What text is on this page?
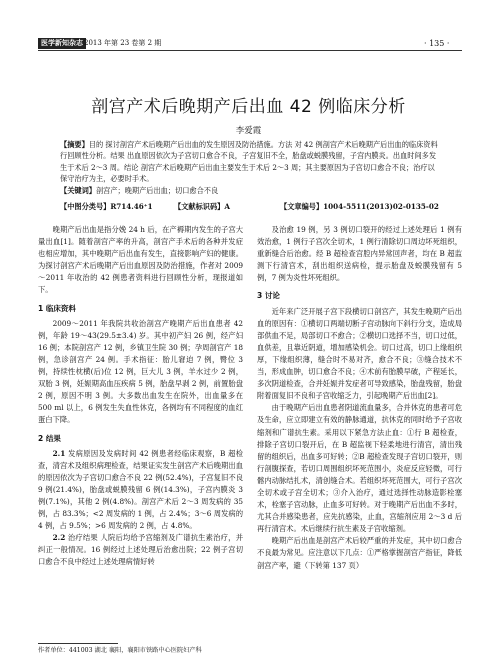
医学新知杂志 2013 年第 23 卷第 2 期	· 135 ·
剖宫产术后晚期产后出血 42 例临床分析
李爱霞

【摘要】目的 探讨剖宫产术后晚期产后出血的发生原因及防治措施。方法 对 42 例剖宫产术后晚期产后出血的临床资料行回顾性分析。结果 出血原因依次为子宫切口愈合不良，子宫复旧不全，胎盘或蜕膜残留，子宫内膜炎。出血时间多发生于术后 2～3 周。结论 剖宫产术后晚期产后出血主要发生于术后 2～3 周；其主要原因为子宫切口愈合不良；治疗以保守治疗为主，必要时手术。

【关键词】剖宫产；晚期产后出血；切口愈合不良

【中图分类号】R714.46⁺1	【文献标识码】A	【文章编号】1004-5511(2013)02-0135-02

晚期产后出血是指分娩 24 h 后，在产褥期内发生的子宫大量出血[1]。随着剖宫产率的升高，剖宫产手术后的各种并发症也相应增加，其中晚期产后出血有发生，直接影响产妇的健康。为探讨剖宫产术后晚期产后出血原因及防治措施，作者对 2009～2011 年收治的 42 例患者资料进行回顾性分析，现报道如下。

1 临床资料

2009～2011 年我院共收治剖宫产晚期产后出血患者 42 例，年龄 19～43(29.5±3.4) 岁。其中初产妇 26 例，经产妇 16 例；本院剖宫产 12 例，乡镇卫生院 30 例；孕周剖宫产 18 例，急诊剖宫产 24 例。手术指征：胎儿窘迫 7 例，臀位 3 例，持续性枕横(后)位 12 例，巨大儿 3 例，羊水过少 2 例，双胎 3 例，妊娠期高血压疾病 5 例，胎盘早剥 2 例，前置胎盘 2 例，原因不明 3 例。大多数出血发生在院外，出血量多在 500 ml 以上，6 例发生失血性休克，各例均有不同程度的血红蛋白下降。

2 结果

2.1 发病原因及发病时间 42 例患者经临床观察，B 超检查，清宫术及组织病理检查，结果证实发生剖宫产术后晚期出血的原因依次为子宫切口愈合不良 22 例(52.4%)，子宫复旧不良 9 例(21.4%)，胎盘或蜕膜残留 6 例(14.3%)，子宫内膜炎 3 例(7.1%)，其他 2 例(4.8%)。剖宫产术后 2～3 周发病的 35 例，占 83.3%；<2 周发病的 1 例，占 2.4%；3～6 周发病的 4 例，占 9.5%；>6 周发病的 2 例，占 4.8%。

2.2 治疗结果 人院后均给予宫缩剂及广谱抗生素治疗，并纠正一般情况。16 例经过上述处理后治愈出院；22 例子宫切口愈合不良中经过上述处理病情好转

及治愈 19 例，另 3 例切口裂开的经过上述处理后 1 例有效治愈，1 例行子宫次全切术，1 例行清除切口周边坏死组织，重新缝合后治愈。经 B 超检查宫腔内异常回声者，均在 B 超监测下行清宫术，刮出组织送病检，提示胎盘及蜕膜残留有 5 例，7 例为炎性坏死组织。

3 讨论

近年来广泛开展子宫下段横切口剖宫产，其发生晚期产后出血的原因有：①横切口两端切断子宫动脉向下斜行分支，造成局部供血不足，局部切口不愈合；②横切口选择不当，切口过低，血供差，且靠近阴道，增加感染机会。切口过高，切口上缘组织厚，下缘组织薄，缝合时不易对齐，愈合不良；③缝合技术不当，形成血肿，切口愈合不良；④术前有胎膜早破，产程延长，多次阴道检查，合并妊娠并发症者可导致感染，胎盘残留，胎盘附着面复旧不良和子宫收缩乏力，引起晚期产后出血[2]。

由于晚期产后出血患者阴道流血量多，合并休克的患者可危及生命，应立即建立有效的静脉通道，抗休克的同时给予子宫收缩剂和广谱抗生素。采用以下紧急方法止血：①行 B 超检查，排除子宫切口裂开后，在 B 超监视下轻柔地进行清宫，清出残留的组织后，出血多可好转；②B 超检查发现子宫切口裂开，则行剖腹探查，若切口周围组织坏死范围小，炎症反应轻微，可行髂内动脉结扎术，清创缝合术。若组织坏死范围大，可行子宫次全切术或子宫全切术；③介入治疗，通过选择性动脉造影栓塞术，栓塞子宫动脉，止血多可好转。对于晚期产后出血不多时，尤其合并感染患者，应先抗感染，止血，宫缩剂应用 2～3 d 后再行清宫术。术后继续行抗生素及子宫收缩剂。

晚期产后出血是剖宫产术后较严重的并发症，其中切口愈合不良最为常见。应注意以下几点：①严格掌握剖宫产指征，降低剖宫产率，避（下转第 137 页）

作者单位：441003 湖北 襄阳，襄阳市铁路中心医院妇产科
